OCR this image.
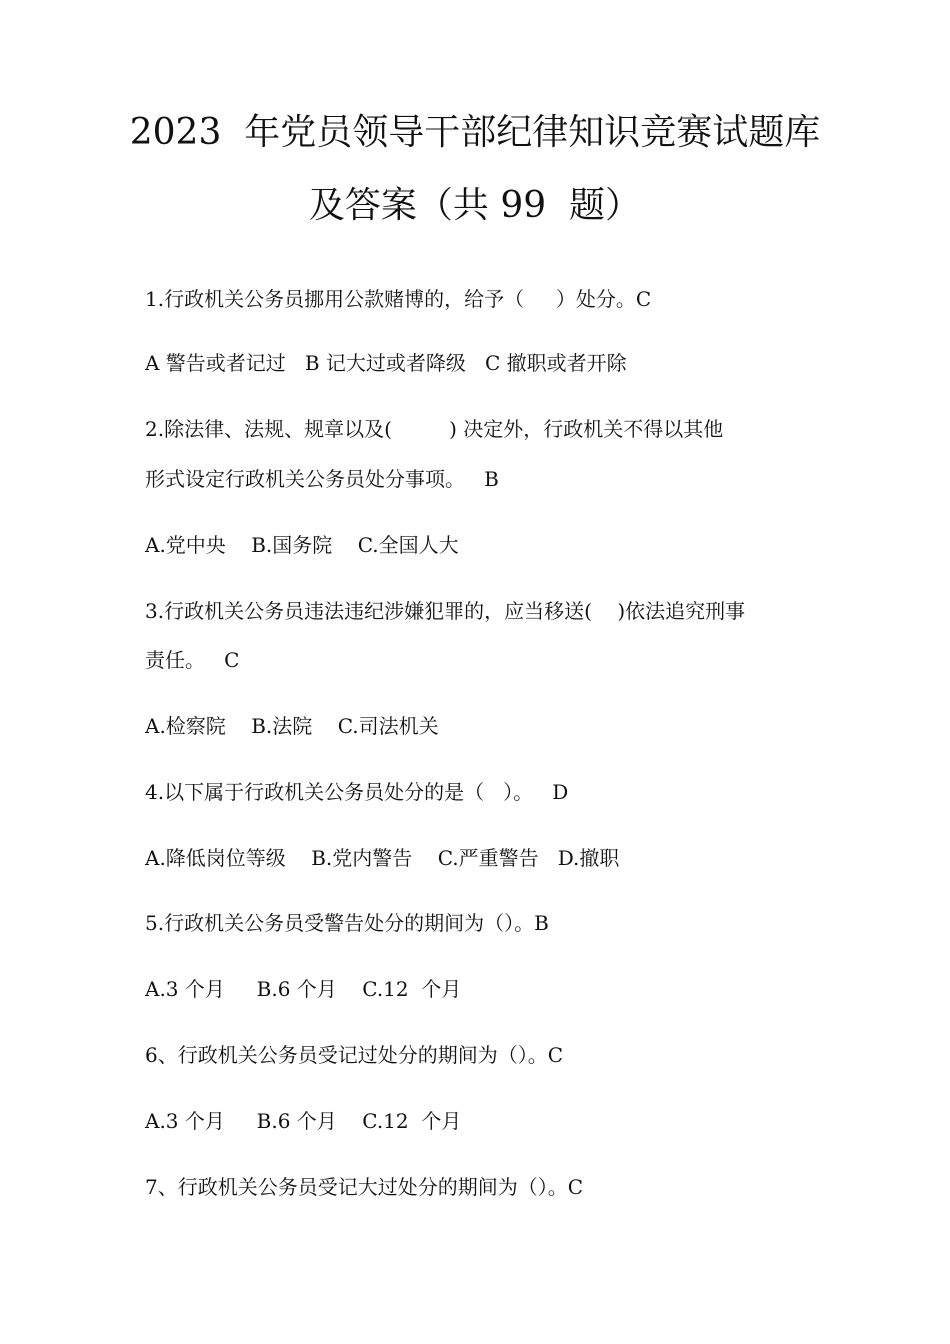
2023  年党员领导干部纪律知识竞赛试题库
及答案（共 99  题）
1.行政机关公务员挪用公款赌博的，给予（     ）处分。C
A 警告或者记过   B 记大过或者降级   C 撤职或者开除
2.除法律、法规、规章以及(         ) 决定外，行政机关不得以其他
形式设定行政机关公务员处分事项。   B
A.党中央    B.国务院    C.全国人大
3.行政机关公务员违法违纪涉嫌犯罪的，应当移送(    )依法追究刑事
责任。   C
A.检察院    B.法院    C.司法机关
4.以下属于行政机关公务员处分的是（   ）。   D
A.降低岗位等级    B.党内警告    C.严重警告   D.撤职
5.行政机关公务员受警告处分的期间为（）。B
A.3 个月     B.6 个月    C.12  个月
6、行政机关公务员受记过处分的期间为（）。C
A.3 个月     B.6 个月    C.12  个月
7、行政机关公务员受记大过处分的期间为（）。C
